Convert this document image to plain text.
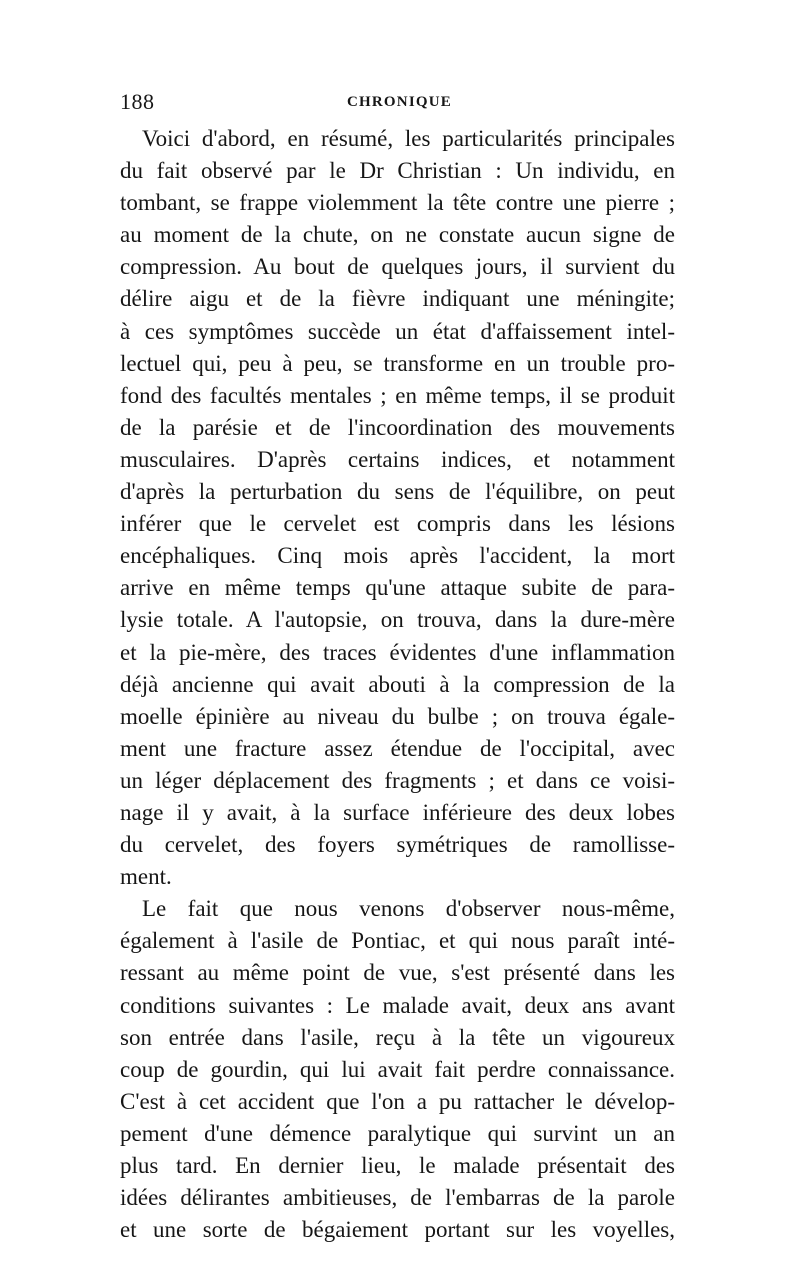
188	CHRONIQUE
Voici d'abord, en résumé, les particularités principales
du fait observé par le Dr Christian : Un individu, en
tombant, se frappe violemment la tête contre une pierre ;
au moment de la chute, on ne constate aucun signe de
compression. Au bout de quelques jours, il survient du
délire aigu et de la fièvre indiquant une méningite;
à ces symptômes succède un état d'affaissement intel-
lectuel qui, peu à peu, se transforme en un trouble pro-
fond des facultés mentales ; en même temps, il se produit
de la parésie et de l'incoordination des mouvements
musculaires. D'après certains indices, et notamment
d'après la perturbation du sens de l'équilibre, on peut
inférer que le cervelet est compris dans les lésions
encéphaliques. Cinq mois après l'accident, la mort
arrive en même temps qu'une attaque subite de para-
lysie totale. A l'autopsie, on trouva, dans la dure-mère
et la pie-mère, des traces évidentes d'une inflammation
déjà ancienne qui avait abouti à la compression de la
moelle épinière au niveau du bulbe ; on trouva égale-
ment une fracture assez étendue de l'occipital, avec
un léger déplacement des fragments ; et dans ce voisi-
nage il y avait, à la surface inférieure des deux lobes
du cervelet, des foyers symétriques de ramollisse-
ment.
Le fait que nous venons d'observer nous-même,
également à l'asile de Pontiac, et qui nous paraît inté-
ressant au même point de vue, s'est présenté dans les
conditions suivantes : Le malade avait, deux ans avant
son entrée dans l'asile, reçu à la tête un vigoureux
coup de gourdin, qui lui avait fait perdre connaissance.
C'est à cet accident que l'on a pu rattacher le dévelop-
pement d'une démence paralytique qui survint un an
plus tard. En dernier lieu, le malade présentait des
idées délirantes ambitieuses, de l'embarras de la parole
et une sorte de bégaiement portant sur les voyelles,
